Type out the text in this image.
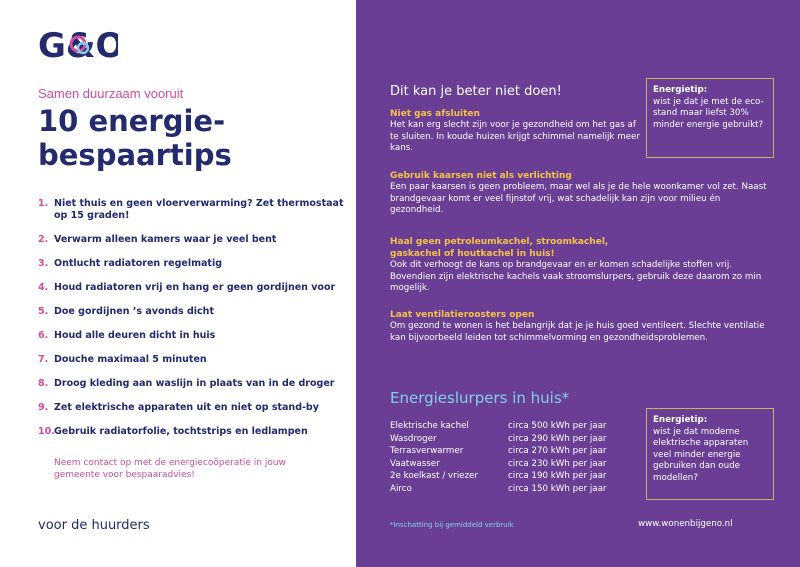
G&O
Samen duurzaam vooruit
10 energie-bespaartips
1. Niet thuis en geen vloerverwarming? Zet thermostaat op 15 graden!
2. Verwarm alleen kamers waar je veel bent
3. Ontlucht radiatoren regelmatig
4. Houd radiatoren vrij en hang er geen gordijnen voor
5. Doe gordijnen ’s avonds dicht
6. Houd alle deuren dicht in huis
7. Douche maximaal 5 minuten
8. Droog kleding aan waslijn in plaats van in de droger
9. Zet elektrische apparaten uit en niet op stand-by
10. Gebruik radiatorfolie, tochtstrips en ledlampen
Neem contact op met de energiecoöperatie in jouw gemeente voor bespaaradvies!
voor de huurders
Dit kan je beter niet doen!
Niet gas afsluiten
Het kan erg slecht zijn voor je gezondheid om het gas af te sluiten. In koude huizen krijgt schimmel namelijk meer kans.
Gebruik kaarsen niet als verlichting
Een paar kaarsen is geen probleem, maar wel als je de hele woonkamer vol zet. Naast brandgevaar komt er veel fijnstof vrij, wat schadelijk kan zijn voor milieu én gezondheid.
Haal geen petroleumkachel, stroomkachel, gaskachel of houtkachel in huis!
Ook dit verhoogt de kans op brandgevaar en er komen schadelijke stoffen vrij. Bovendien zijn elektrische kachels vaak stroomslurpers, gebruik deze daarom zo min mogelijk.
Laat ventilatieroosters open
Om gezond te wonen is het belangrijk dat je je huis goed ventileert. Slechte ventilatie kan bijvoorbeeld leiden tot schimmelvorming en gezondheidsproblemen.
Energietip:
wist je dat je met de eco-stand maar liefst 30% minder energie gebruikt?
Energieslurpers in huis*
Elektrische kachel	circa 500 kWh per jaar
Wasdroger	circa 290 kWh per jaar
Terrasverwarmer	circa 270 kWh per jaar
Vaatwasser	circa 230 kWh per jaar
2e koelkast / vriezer	circa 190 kWh per jaar
Airco	circa 150 kWh per jaar
Energietip:
wist je dat moderne elektrische apparaten veel minder energie gebruiken dan oude modellen?
*Inschatting bij gemiddeld verbruik	www.wonenbijgeno.nl
